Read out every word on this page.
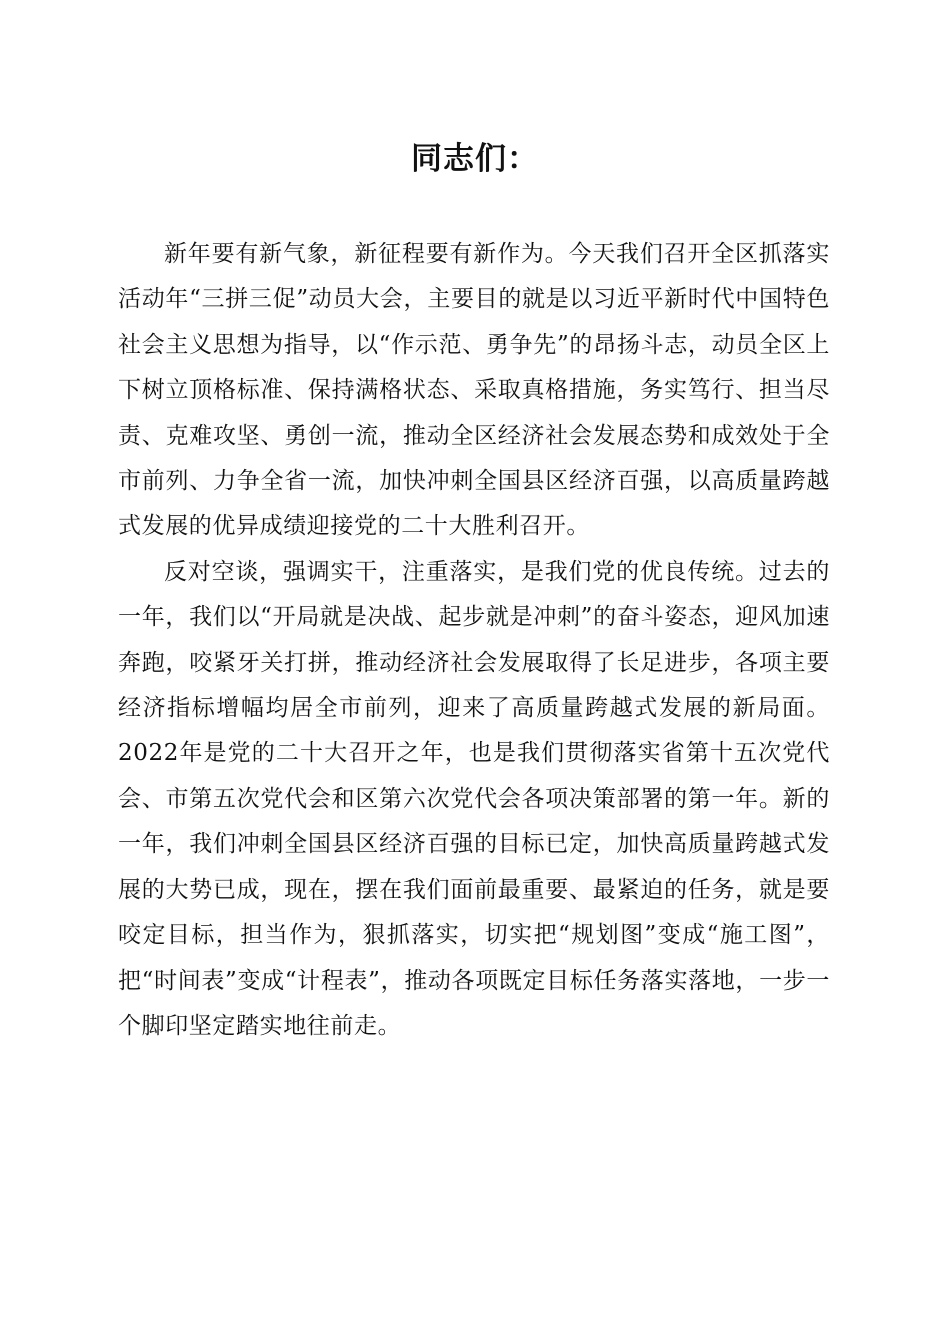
同志们：

新年要有新气象，新征程要有新作为。今天我们召开全区抓落实活动年“三拼三促”动员大会，主要目的就是以习近平新时代中国特色社会主义思想为指导，以“作示范、勇争先”的昂扬斗志，动员全区上下树立顶格标准、保持满格状态、采取真格措施，务实笃行、担当尽责、克难攻坚、勇创一流，推动全区经济社会发展态势和成效处于全市前列、力争全省一流，加快冲刺全国县区经济百强，以高质量跨越式发展的优异成绩迎接党的二十大胜利召开。

反对空谈，强调实干，注重落实，是我们党的优良传统。过去的一年，我们以“开局就是决战、起步就是冲刺”的奋斗姿态，迎风加速奔跑，咬紧牙关打拼，推动经济社会发展取得了长足进步，各项主要经济指标增幅均居全市前列，迎来了高质量跨越式发展的新局面。2022年是党的二十大召开之年，也是我们贯彻落实省第十五次党代会、市第五次党代会和区第六次党代会各项决策部署的第一年。新的一年，我们冲刺全国县区经济百强的目标已定，加快高质量跨越式发展的大势已成，现在，摆在我们面前最重要、最紧迫的任务，就是要咬定目标，担当作为，狠抓落实，切实把“规划图”变成“施工图”，把“时间表”变成“计程表”，推动各项既定目标任务落实落地，一步一个脚印坚定踏实地往前走。
